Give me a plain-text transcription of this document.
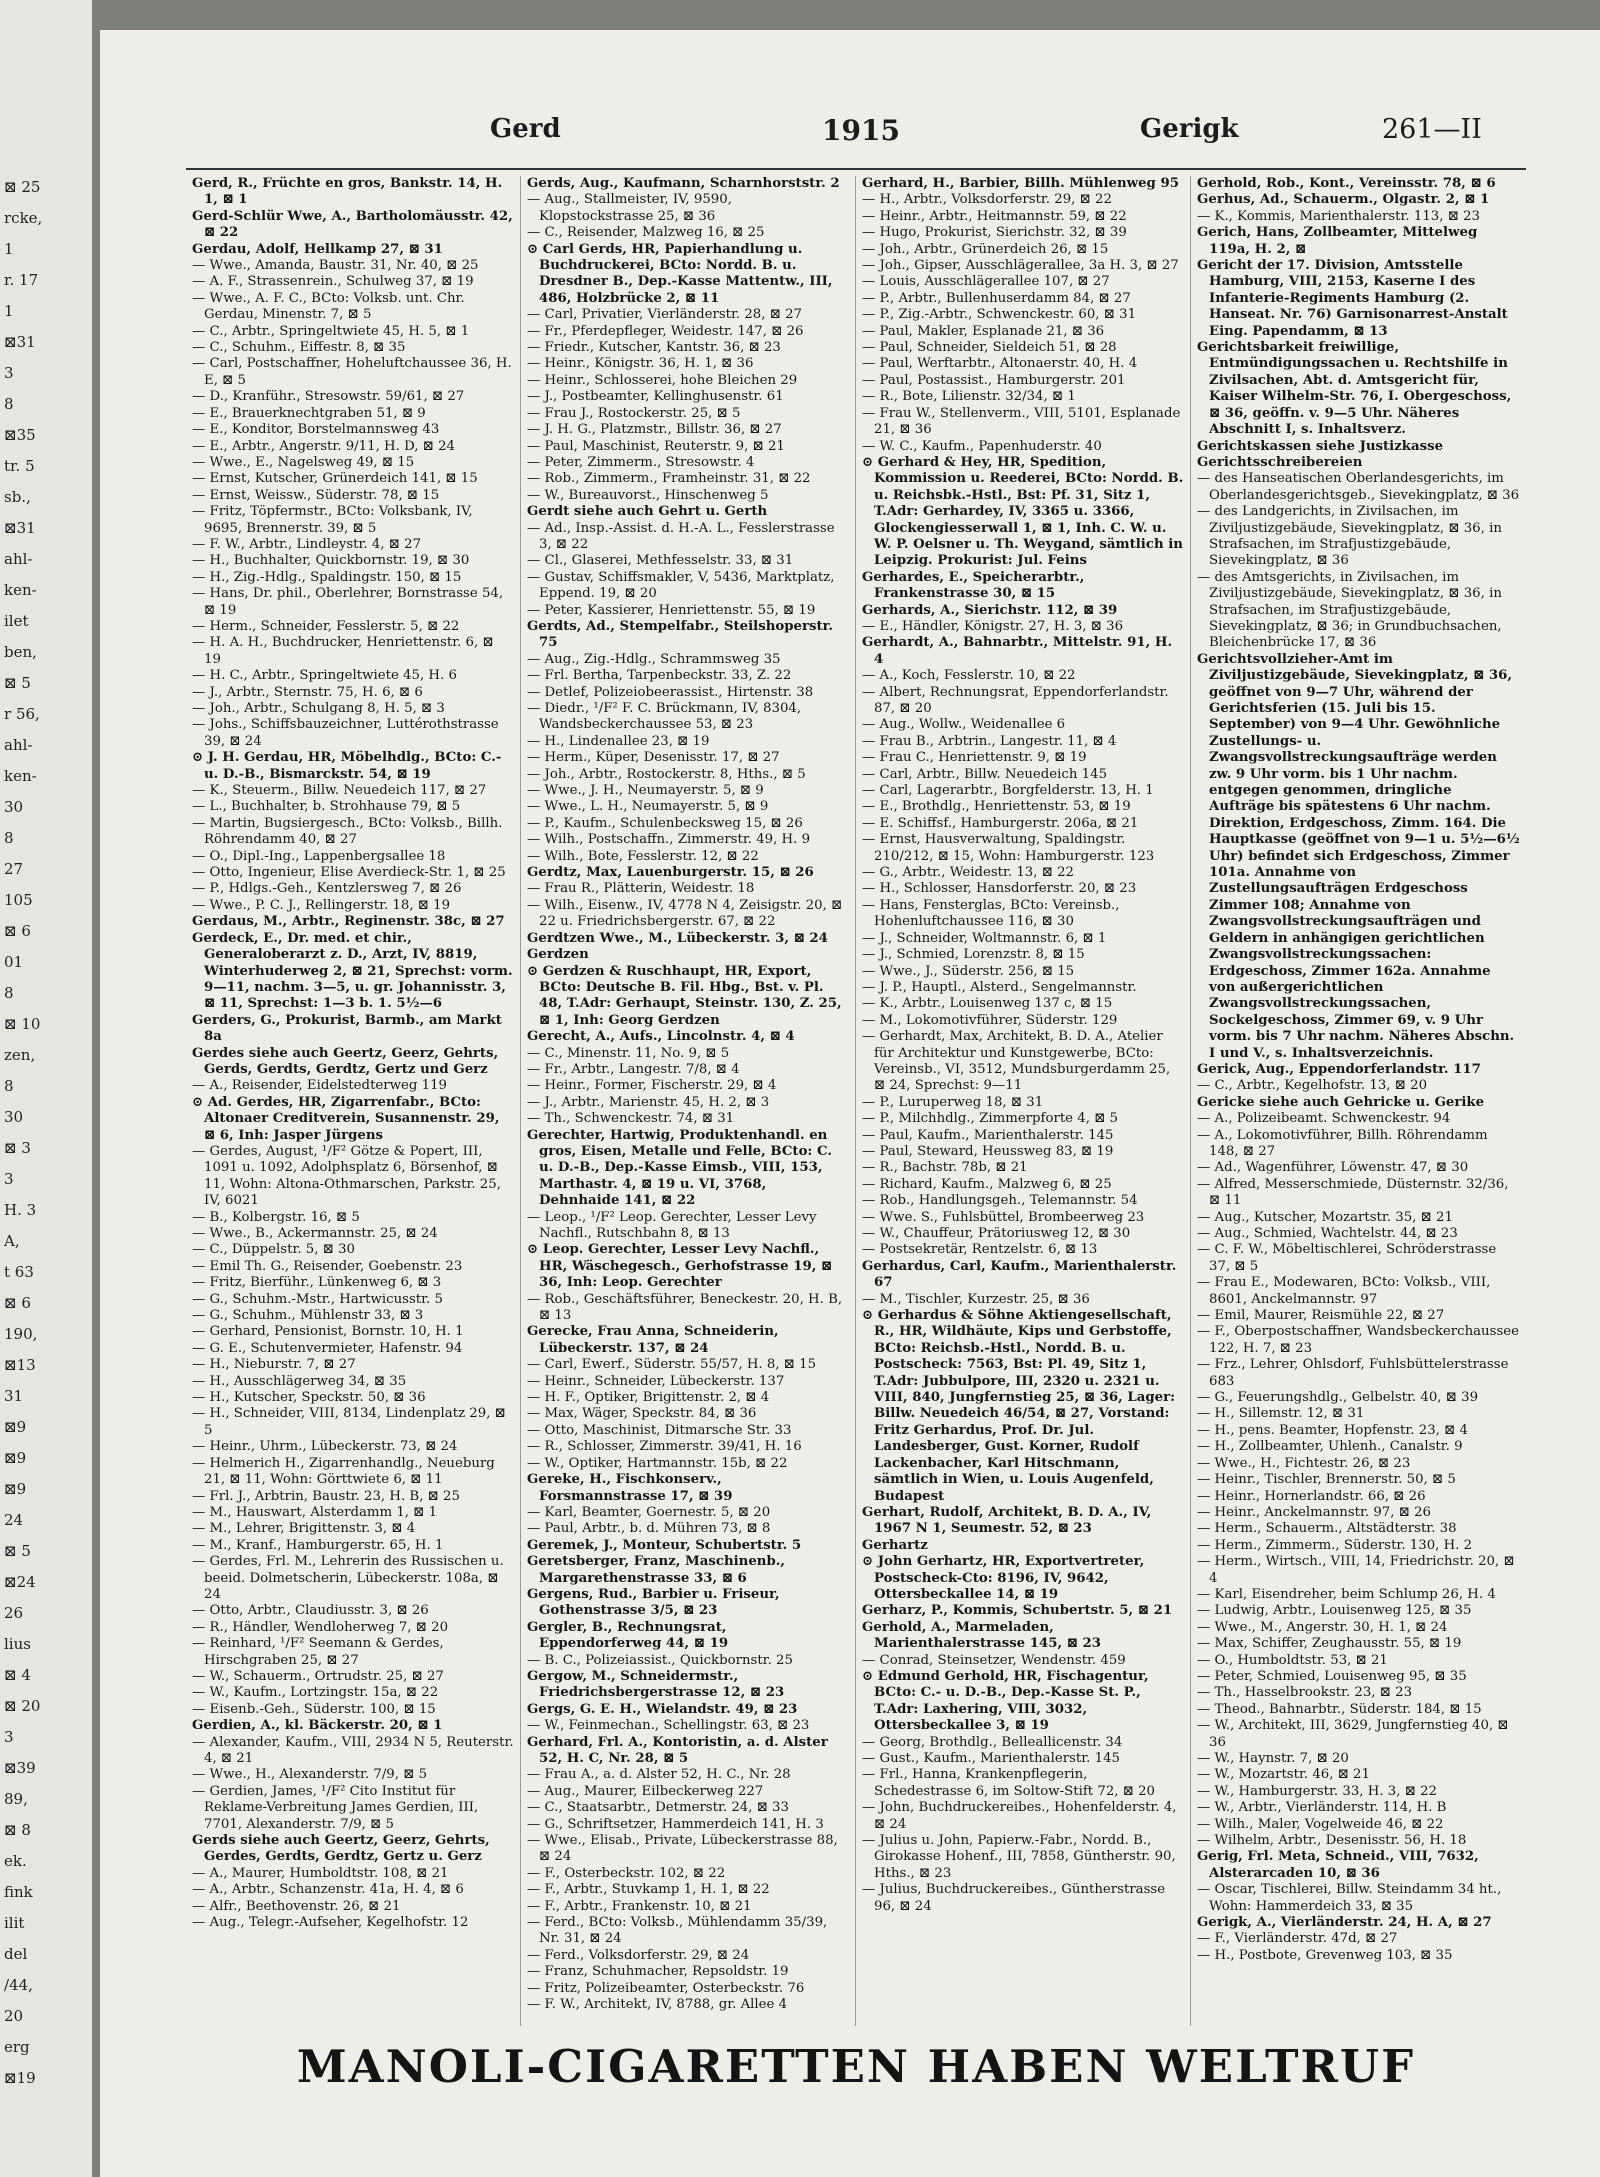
⊠ 25
rcke,
1
r. 17
1
⊠31
3
8
⊠35
tr. 5
sb.,
⊠31
ahl-
ken-
ilet
ben,
⊠ 5
r 56,
ahl-
ken-
30
8
27
105
⊠ 6
01
8
⊠ 10
zen,
8
30
⊠ 3
3
H. 3
A,
t 63
⊠ 6
190,
⊠13
31
⊠9
⊠9
⊠9
24
⊠ 5
⊠24
26
lius
⊠ 4
⊠ 20
3
⊠39
89,
⊠ 8
ek.
fink
ilit
del
/44,
20
erg
⊠19
Gerd	1915	Gerigk	261—II

Gerd, R., Früchte en gros, Bankstr. 14, H. 1, ⊠ 1

Gerd-Schlür Wwe, A., Bartholomäusstr. 42, ⊠ 22

Gerdau, Adolf, Hellkamp 27, ⊠ 31

— Wwe., Amanda, Baustr. 31, Nr. 40, ⊠ 25

— A. F., Strassenrein., Schulweg 37, ⊠ 19

— Wwe., A. F. C., BCto: Volksb. unt. Chr. Gerdau, Minenstr. 7, ⊠ 5

— C., Arbtr., Springeltwiete 45, H. 5, ⊠ 1

— C., Schuhm., Eiffestr. 8, ⊠ 35

— Carl, Postschaffner, Hoheluftchaussee 36, H. E, ⊠ 5

— D., Kranführ., Stresowstr. 59/61, ⊠ 27

— E., Brauerknechtgraben 51, ⊠ 9

— E., Konditor, Borstelmannsweg 43

— E., Arbtr., Angerstr. 9/11, H. D, ⊠ 24

— Wwe., E., Nagelsweg 49, ⊠ 15

— Ernst, Kutscher, Grünerdeich 141, ⊠ 15

— Ernst, Weissw., Süderstr. 78, ⊠ 15

— Fritz, Töpfermstr., BCto: Volksbank, IV, 9695, Brennerstr. 39, ⊠ 5

— F. W., Arbtr., Lindleystr. 4, ⊠ 27

— H., Buchhalter, Quickbornstr. 19, ⊠ 30

— H., Zig.-Hdlg., Spaldingstr. 150, ⊠ 15

— Hans, Dr. phil., Oberlehrer, Bornstrasse 54, ⊠ 19

— Herm., Schneider, Fesslerstr. 5, ⊠ 22

— H. A. H., Buchdrucker, Henriettenstr. 6, ⊠ 19

— H. C., Arbtr., Springeltwiete 45, H. 6

— J., Arbtr., Sternstr. 75, H. 6, ⊠ 6

— Joh., Arbtr., Schulgang 8, H. 5, ⊠ 3

— Johs., Schiffsbauzeichner, Luttérothstrasse 39, ⊠ 24

⊙ J. H. Gerdau, HR, Möbelhdlg., BCto: C.- u. D.-B., Bismarckstr. 54, ⊠ 19

— K., Steuerm., Billw. Neuedeich 117, ⊠ 27

— L., Buchhalter, b. Strohhause 79, ⊠ 5

— Martin, Bugsiergesch., BCto: Volksb., Billh. Röhrendamm 40, ⊠ 27

— O., Dipl.-Ing., Lappenbergsallee 18

— Otto, Ingenieur, Elise Averdieck-Str. 1, ⊠ 25

— P., Hdlgs.-Geh., Kentzlersweg 7, ⊠ 26

— Wwe., P. C. J., Rellingerstr. 18, ⊠ 19

Gerdaus, M., Arbtr., Reginenstr. 38c, ⊠ 27

Gerdeck, E., Dr. med. et chir., Generaloberarzt z. D., Arzt, IV, 8819, Winterhuderweg 2, ⊠ 21, Sprechst: vorm. 9—11, nachm. 3—5, u. gr. Johannisstr. 3, ⊠ 11, Sprechst: 1—3 b. 1. 5½—6

Gerders, G., Prokurist, Barmb., am Markt 8a

Gerdes siehe auch Geertz, Geerz, Gehrts, Gerds, Gerdts, Gerdtz, Gertz und Gerz

— A., Reisender, Eidelstedterweg 119

⊙ Ad. Gerdes, HR, Zigarrenfabr., BCto: Altonaer Creditverein, Susannenstr. 29, ⊠ 6, Inh: Jasper Jürgens

— Gerdes, August, ¹/F² Götze & Popert, III, 1091 u. 1092, Adolphsplatz 6, Börsenhof, ⊠ 11, Wohn: Altona-Othmarschen, Parkstr. 25, IV, 6021

— B., Kolbergstr. 16, ⊠ 5

— Wwe., B., Ackermannstr. 25, ⊠ 24

— C., Düppelstr. 5, ⊠ 30

— Emil Th. G., Reisender, Goebenstr. 23

— Fritz, Bierführ., Lünkenweg 6, ⊠ 3

— G., Schuhm.-Mstr., Hartwicusstr. 5

— G., Schuhm., Mühlenstr 33, ⊠ 3

— Gerhard, Pensionist, Bornstr. 10, H. 1

— G. E., Schutenvermieter, Hafenstr. 94

— H., Nieburstr. 7, ⊠ 27

— H., Ausschlägerweg 34, ⊠ 35

— H., Kutscher, Speckstr. 50, ⊠ 36

— H., Schneider, VIII, 8134, Lindenplatz 29, ⊠ 5

— Heinr., Uhrm., Lübeckerstr. 73, ⊠ 24

— Helmerich H., Zigarrenhandlg., Neueburg 21, ⊠ 11, Wohn: Görttwiete 6, ⊠ 11

— Frl. J., Arbtrin, Baustr. 23, H. B, ⊠ 25

— M., Hauswart, Alsterdamm 1, ⊠ 1

— M., Lehrer, Brigittenstr. 3, ⊠ 4

— M., Kranf., Hamburgerstr. 65, H. 1

— Gerdes, Frl. M., Lehrerin des Russischen u. beeid. Dolmetscherin, Lübeckerstr. 108a, ⊠ 24

— Otto, Arbtr., Claudiusstr. 3, ⊠ 26

— R., Händler, Wendloherweg 7, ⊠ 20

— Reinhard, ¹/F² Seemann & Gerdes, Hirschgraben 25, ⊠ 27

— W., Schauerm., Ortrudstr. 25, ⊠ 27

— W., Kaufm., Lortzingstr. 15a, ⊠ 22

— Eisenb.-Geh., Süderstr. 100, ⊠ 15

Gerdien, A., kl. Bäckerstr. 20, ⊠ 1

— Alexander, Kaufm., VIII, 2934 N 5, Reuterstr. 4, ⊠ 21

— Wwe., H., Alexanderstr. 7/9, ⊠ 5

— Gerdien, James, ¹/F² Cito Institut für Reklame-Verbreitung James Gerdien, III, 7701, Alexanderstr. 7/9, ⊠ 5

Gerds siehe auch Geertz, Geerz, Gehrts, Gerdes, Gerdts, Gerdtz, Gertz u. Gerz

— A., Maurer, Humboldtstr. 108, ⊠ 21

— A., Arbtr., Schanzenstr. 41a, H. 4, ⊠ 6

— Alfr., Beethovenstr. 26, ⊠ 21

— Aug., Telegr.-Aufseher, Kegelhofstr. 12

Gerds, Aug., Kaufmann, Scharnhorststr. 2

— Aug., Stallmeister, IV, 9590, Klopstockstrasse 25, ⊠ 36

— C., Reisender, Malzweg 16, ⊠ 25

⊙ Carl Gerds, HR, Papierhandlung u. Buchdruckerei, BCto: Nordd. B. u. Dresdner B., Dep.-Kasse Mattentw., III, 486, Holzbrücke 2, ⊠ 11

— Carl, Privatier, Vierländerstr. 28, ⊠ 27

— Fr., Pferdepfleger, Weidestr. 147, ⊠ 26

— Friedr., Kutscher, Kantstr. 36, ⊠ 23

— Heinr., Königstr. 36, H. 1, ⊠ 36

— Heinr., Schlosserei, hohe Bleichen 29

— J., Postbeamter, Kellinghusenstr. 61

— Frau J., Rostockerstr. 25, ⊠ 5

— J. H. G., Platzmstr., Billstr. 36, ⊠ 27

— Paul, Maschinist, Reuterstr. 9, ⊠ 21

— Peter, Zimmerm., Stresowstr. 4

— Rob., Zimmerm., Framheinstr. 31, ⊠ 22

— W., Bureauvorst., Hinschenweg 5

Gerdt siehe auch Gehrt u. Gerth

— Ad., Insp.-Assist. d. H.-A. L., Fesslerstrasse 3, ⊠ 22

— Cl., Glaserei, Methfesselstr. 33, ⊠ 31

— Gustav, Schiffsmakler, V, 5436, Marktplatz, Eppend. 19, ⊠ 20

— Peter, Kassierer, Henriettenstr. 55, ⊠ 19

Gerdts, Ad., Stempelfabr., Steilshoperstr. 75

— Aug., Zig.-Hdlg., Schrammsweg 35

— Frl. Bertha, Tarpenbeckstr. 33, Z. 22

— Detlef, Polizeiobeerassist., Hirtenstr. 38

— Diedr., ¹/F² F. C. Brückmann, IV, 8304, Wandsbeckerchaussee 53, ⊠ 23

— H., Lindenallee 23, ⊠ 19

— Herm., Küper, Desenisstr. 17, ⊠ 27

— Joh., Arbtr., Rostockerstr. 8, Hths., ⊠ 5

— Wwe., J. H., Neumayerstr. 5, ⊠ 9

— Wwe., L. H., Neumayerstr. 5, ⊠ 9

— P., Kaufm., Schulenbecksweg 15, ⊠ 26

— Wilh., Postschaffn., Zimmerstr. 49, H. 9

— Wilh., Bote, Fesslerstr. 12, ⊠ 22

Gerdtz, Max, Lauenburgerstr. 15, ⊠ 26

— Frau R., Plätterin, Weidestr. 18

— Wilh., Eisenw., IV, 4778 N 4, Zeisigstr. 20, ⊠ 22 u. Friedrichsbergerstr. 67, ⊠ 22

Gerdtzen Wwe., M., Lübeckerstr. 3, ⊠ 24

Gerdzen

⊙ Gerdzen & Ruschhaupt, HR, Export, BCto: Deutsche B. Fil. Hbg., Bst. v. Pl. 48, T.Adr: Gerhaupt, Steinstr. 130, Z. 25, ⊠ 1, Inh: Georg Gerdzen

Gerecht, A., Aufs., Lincolnstr. 4, ⊠ 4

— C., Minenstr. 11, No. 9, ⊠ 5

— Fr., Arbtr., Langestr. 7/8, ⊠ 4

— Heinr., Former, Fischerstr. 29, ⊠ 4

— J., Arbtr., Marienstr. 45, H. 2, ⊠ 3

— Th., Schwenckestr. 74, ⊠ 31

Gerechter, Hartwig, Produktenhandl. en gros, Eisen, Metalle und Felle, BCto: C. u. D.-B., Dep.-Kasse Eimsb., VIII, 153, Marthastr. 4, ⊠ 19 u. VI, 3768, Dehnhaide 141, ⊠ 22

— Leop., ¹/F² Leop. Gerechter, Lesser Levy Nachfl., Rutschbahn 8, ⊠ 13

⊙ Leop. Gerechter, Lesser Levy Nachfl., HR, Wäschegesch., Gerhofstrasse 19, ⊠ 36, Inh: Leop. Gerechter

— Rob., Geschäftsführer, Beneckestr. 20, H. B, ⊠ 13

Gerecke, Frau Anna, Schneiderin, Lübeckerstr. 137, ⊠ 24

— Carl, Ewerf., Süderstr. 55/57, H. 8, ⊠ 15

— Heinr., Schneider, Lübeckerstr. 137

— H. F., Optiker, Brigittenstr. 2, ⊠ 4

— Max, Wäger, Speckstr. 84, ⊠ 36

— Otto, Maschinist, Ditmarsche Str. 33

— R., Schlosser, Zimmerstr. 39/41, H. 16

— W., Optiker, Hartmannstr. 15b, ⊠ 22

Gereke, H., Fischkonserv., Forsmannstrasse 17, ⊠ 39

— Karl, Beamter, Goernestr. 5, ⊠ 20

— Paul, Arbtr., b. d. Mühren 73, ⊠ 8

Geremek, J., Monteur, Schubertstr. 5

Geretsberger, Franz, Maschinenb., Margarethenstrasse 33, ⊠ 6

Gergens, Rud., Barbier u. Friseur, Gothenstrasse 3/5, ⊠ 23

Gergler, B., Rechnungsrat, Eppendorferweg 44, ⊠ 19

— B. C., Polizeiassist., Quickbornstr. 25

Gergow, M., Schneidermstr., Friedrichsbergerstrasse 12, ⊠ 23

Gergs, G. E. H., Wielandstr. 49, ⊠ 23

— W., Feinmechan., Schellingstr. 63, ⊠ 23

Gerhard, Frl. A., Kontoristin, a. d. Alster 52, H. C, Nr. 28, ⊠ 5

— Frau A., a. d. Alster 52, H. C., Nr. 28

— Aug., Maurer, Eilbeckerweg 227

— C., Staatsarbtr., Detmerstr. 24, ⊠ 33

— G., Schriftsetzer, Hammerdeich 141, H. 3

— Wwe., Elisab., Private, Lübeckerstrasse 88, ⊠ 24

— F., Osterbeckstr. 102, ⊠ 22

— F., Arbtr., Stuvkamp 1, H. 1, ⊠ 22

— F., Arbtr., Frankenstr. 10, ⊠ 21

— Ferd., BCto: Volksb., Mühlendamm 35/39, Nr. 31, ⊠ 24

— Ferd., Volksdorferstr. 29, ⊠ 24

— Franz, Schuhmacher, Repsoldstr. 19

— Fritz, Polizeibeamter, Osterbeckstr. 76

— F. W., Architekt, IV, 8788, gr. Allee 4

Gerhard, H., Barbier, Billh. Mühlenweg 95

— H., Arbtr., Volksdorferstr. 29, ⊠ 22

— Heinr., Arbtr., Heitmannstr. 59, ⊠ 22

— Hugo, Prokurist, Sierichstr. 32, ⊠ 39

— Joh., Arbtr., Grünerdeich 26, ⊠ 15

— Joh., Gipser, Ausschlägerallee, 3a H. 3, ⊠ 27

— Louis, Ausschlägerallee 107, ⊠ 27

— P., Arbtr., Bullenhuserdamm 84, ⊠ 27

— P., Zig.-Arbtr., Schwenckestr. 60, ⊠ 31

— Paul, Makler, Esplanade 21, ⊠ 36

— Paul, Schneider, Sieldeich 51, ⊠ 28

— Paul, Werftarbtr., Altonaerstr. 40, H. 4

— Paul, Postassist., Hamburgerstr. 201

— R., Bote, Lilienstr. 32/34, ⊠ 1

— Frau W., Stellenverm., VIII, 5101, Esplanade 21, ⊠ 36

— W. C., Kaufm., Papenhuderstr. 40

⊙ Gerhard & Hey, HR, Spedition, Kommission u. Reederei, BCto: Nordd. B. u. Reichsbk.-Hstl., Bst: Pf. 31, Sitz 1, T.Adr: Gerhardey, IV, 3365 u. 3366, Glockengiesserwall 1, ⊠ 1, Inh. C. W. u. W. P. Oelsner u. Th. Weygand, sämtlich in Leipzig. Prokurist: Jul. Feins

Gerhardes, E., Speicherarbtr., Frankenstrasse 30, ⊠ 15

Gerhards, A., Sierichstr. 112, ⊠ 39

— E., Händler, Königstr. 27, H. 3, ⊠ 36

Gerhardt, A., Bahnarbtr., Mittelstr. 91, H. 4

— A., Koch, Fesslerstr. 10, ⊠ 22

— Albert, Rechnungsrat, Eppendorferlandstr. 87, ⊠ 20

— Aug., Wollw., Weidenallee 6

— Frau B., Arbtrin., Langestr. 11, ⊠ 4

— Frau C., Henriettenstr. 9, ⊠ 19

— Carl, Arbtr., Billw. Neuedeich 145

— Carl, Lagerarbtr., Borgfelderstr. 13, H. 1

— E., Brothdlg., Henriettenstr. 53, ⊠ 19

— E. Schiffsf., Hamburgerstr. 206a, ⊠ 21

— Ernst, Hausverwaltung, Spaldingstr. 210/212, ⊠ 15, Wohn: Hamburgerstr. 123

— G., Arbtr., Weidestr. 13, ⊠ 22

— H., Schlosser, Hansdorferstr. 20, ⊠ 23

— Hans, Fensterglas, BCto: Vereinsb., Hohenluftchaussee 116, ⊠ 30

— J., Schneider, Woltmannstr. 6, ⊠ 1

— J., Schmied, Lorenzstr. 8, ⊠ 15

— Wwe., J., Süderstr. 256, ⊠ 15

— J. P., Hauptl., Alsterd., Sengelmannstr.

— K., Arbtr., Louisenweg 137 c, ⊠ 15

— M., Lokomotivführer, Süderstr. 129

— Gerhardt, Max, Architekt, B. D. A., Atelier für Architektur und Kunstgewerbe, BCto: Vereinsb., VI, 3512, Mundsburgerdamm 25, ⊠ 24, Sprechst: 9—11

— P., Luruperweg 18, ⊠ 31

— P., Milchhdlg., Zimmerpforte 4, ⊠ 5

— Paul, Kaufm., Marienthalerstr. 145

— Paul, Steward, Heussweg 83, ⊠ 19

— R., Bachstr. 78b, ⊠ 21

— Richard, Kaufm., Malzweg 6, ⊠ 25

— Rob., Handlungsgeh., Telemannstr. 54

— Wwe. S., Fuhlsbüttel, Brombeerweg 23

— W., Chauffeur, Prätoriusweg 12, ⊠ 30

— Postsekretär, Rentzelstr. 6, ⊠ 13

Gerhardus, Carl, Kaufm., Marienthalerstr. 67

— M., Tischler, Kurzestr. 25, ⊠ 36

⊙ Gerhardus & Söhne Aktiengesellschaft, R., HR, Wildhäute, Kips und Gerbstoffe, BCto: Reichsb.-Hstl., Nordd. B. u. Postscheck: 7563, Bst: Pl. 49, Sitz 1, T.Adr: Jubbulpore, III, 2320 u. 2321 u. VIII, 840, Jungfernstieg 25, ⊠ 36, Lager: Billw. Neuedeich 46/54, ⊠ 27, Vorstand: Fritz Gerhardus, Prof. Dr. Jul. Landesberger, Gust. Korner, Rudolf Lackenbacher, Karl Hitschmann, sämtlich in Wien, u. Louis Augenfeld, Budapest

Gerhart, Rudolf, Architekt, B. D. A., IV, 1967 N 1, Seumestr. 52, ⊠ 23

Gerhartz

⊙ John Gerhartz, HR, Exportvertreter, Postscheck-Cto: 8196, IV, 9642, Ottersbeckallee 14, ⊠ 19

Gerharz, P., Kommis, Schubertstr. 5, ⊠ 21

Gerhold, A., Marmeladen, Marienthalerstrasse 145, ⊠ 23

— Conrad, Steinsetzer, Wendenstr. 459

⊙ Edmund Gerhold, HR, Fischagentur, BCto: C.- u. D.-B., Dep.-Kasse St. P., T.Adr: Laxhering, VIII, 3032, Ottersbeckallee 3, ⊠ 19

— Georg, Brothdlg., Belleallicenstr. 34

— Gust., Kaufm., Marienthalerstr. 145

— Frl., Hanna, Krankenpflegerin, Schedestrasse 6, im Soltow-Stift 72, ⊠ 20

— John, Buchdruckereibes., Hohenfelderstr. 4, ⊠ 24

— Julius u. John, Papierw.-Fabr., Nordd. B., Girokasse Hohenf., III, 7858, Güntherstr. 90, Hths., ⊠ 23

— Julius, Buchdruckereibes., Güntherstrasse 96, ⊠ 24

Gerhold, Rob., Kont., Vereinsstr. 78, ⊠ 6

Gerhus, Ad., Schauerm., Olgastr. 2, ⊠ 1

— K., Kommis, Marienthalerstr. 113, ⊠ 23

Gerich, Hans, Zollbeamter, Mittelweg 119a, H. 2, ⊠

Gericht der 17. Division, Amtsstelle Hamburg, VIII, 2153, Kaserne I des Infanterie-Regiments Hamburg (2. Hanseat. Nr. 76) Garnisonarrest-Anstalt Eing. Papendamm, ⊠ 13

Gerichtsbarkeit freiwillige, Entmündigungssachen u. Rechtshilfe in Zivilsachen, Abt. d. Amtsgericht für, Kaiser Wilhelm-Str. 76, I. Obergeschoss, ⊠ 36, geöffn. v. 9—5 Uhr. Näheres Abschnitt I, s. Inhaltsverz.

Gerichtskassen siehe Justizkasse

Gerichtsschreibereien

— des Hanseatischen Oberlandesgerichts, im Oberlandesgerichtsgeb., Sievekingplatz, ⊠ 36

— des Landgerichts, in Zivilsachen, im Ziviljustizgebäude, Sievekingplatz, ⊠ 36, in Strafsachen, im Strafjustizgebäude, Sievekingplatz, ⊠ 36

— des Amtsgerichts, in Zivilsachen, im Ziviljustizgebäude, Sievekingplatz, ⊠ 36, in Strafsachen, im Strafjustizgebäude, Sievekingplatz, ⊠ 36; in Grundbuchsachen, Bleichenbrücke 17, ⊠ 36

Gerichtsvollzieher-Amt im Ziviljustizgebäude, Sievekingplatz, ⊠ 36, geöffnet von 9—7 Uhr, während der Gerichtsferien (15. Juli bis 15. September) von 9—4 Uhr. Gewöhnliche Zustellungs- u. Zwangsvollstreckungsaufträge werden zw. 9 Uhr vorm. bis 1 Uhr nachm. entgegen genommen, dringliche Aufträge bis spätestens 6 Uhr nachm. Direktion, Erdgeschoss, Zimm. 164. Die Hauptkasse (geöffnet von 9—1 u. 5½—6½ Uhr) befindet sich Erdgeschoss, Zimmer 101a. Annahme von Zustellungsaufträgen Erdgeschoss Zimmer 108; Annahme von Zwangsvollstreckungsaufträgen und Geldern in anhängigen gerichtlichen Zwangsvollstreckungssachen: Erdgeschoss, Zimmer 162a. Annahme von außergerichtlichen Zwangsvollstreckungssachen, Sockelgeschoss, Zimmer 69, v. 9 Uhr vorm. bis 7 Uhr nachm. Näheres Abschn. I und V., s. Inhaltsverzeichnis.

Gerick, Aug., Eppendorferlandstr. 117

— C., Arbtr., Kegelhofstr. 13, ⊠ 20

Gericke siehe auch Gehricke u. Gerike

— A., Polizeibeamt. Schwenckestr. 94

— A., Lokomotivführer, Billh. Röhrendamm 148, ⊠ 27

— Ad., Wagenführer, Löwenstr. 47, ⊠ 30

— Alfred, Messerschmiede, Düsternstr. 32/36, ⊠ 11

— Aug., Kutscher, Mozartstr. 35, ⊠ 21

— Aug., Schmied, Wachtelstr. 44, ⊠ 23

— C. F. W., Möbeltischlerei, Schröderstrasse 37, ⊠ 5

— Frau E., Modewaren, BCto: Volksb., VIII, 8601, Anckelmannstr. 97

— Emil, Maurer, Reismühle 22, ⊠ 27

— F., Oberpostschaffner, Wandsbeckerchaussee 122, H. 7, ⊠ 23

— Frz., Lehrer, Ohlsdorf, Fuhlsbüttelerstrasse 683

— G., Feuerungshdlg., Gelbelstr. 40, ⊠ 39

— H., Sillemstr. 12, ⊠ 31

— H., pens. Beamter, Hopfenstr. 23, ⊠ 4

— H., Zollbeamter, Uhlenh., Canalstr. 9

— Wwe., H., Fichtestr. 26, ⊠ 23

— Heinr., Tischler, Brennerstr. 50, ⊠ 5

— Heinr., Hornerlandstr. 66, ⊠ 26

— Heinr., Anckelmannstr. 97, ⊠ 26

— Herm., Schauerm., Altstädterstr. 38

— Herm., Zimmerm., Süderstr. 130, H. 2

— Herm., Wirtsch., VIII, 14, Friedrichstr. 20, ⊠ 4

— Karl, Eisendreher, beim Schlump 26, H. 4

— Ludwig, Arbtr., Louisenweg 125, ⊠ 35

— Wwe., M., Angerstr. 30, H. 1, ⊠ 24

— Max, Schiffer, Zeughausstr. 55, ⊠ 19

— O., Humboldtstr. 53, ⊠ 21

— Peter, Schmied, Louisenweg 95, ⊠ 35

— Th., Hasselbrookstr. 23, ⊠ 23

— Theod., Bahnarbtr., Süderstr. 184, ⊠ 15

— W., Architekt, III, 3629, Jungfernstieg 40, ⊠ 36

— W., Haynstr. 7, ⊠ 20

— W., Mozartstr. 46, ⊠ 21

— W., Hamburgerstr. 33, H. 3, ⊠ 22

— W., Arbtr., Vierländerstr. 114, H. B

— Wilh., Maler, Vogelweide 46, ⊠ 22

— Wilhelm, Arbtr., Desenisstr. 56, H. 18

Gerig, Frl. Meta, Schneid., VIII, 7632, Alsterarcaden 10, ⊠ 36

— Oscar, Tischlerei, Billw. Steindamm 34 ht., Wohn: Hammerdeich 33, ⊠ 35

Gerigk, A., Vierländerstr. 24, H. A, ⊠ 27

— F., Vierländerstr. 47d, ⊠ 27

— H., Postbote, Grevenweg 103, ⊠ 35

MANOLI-CIGARETTEN HABEN WELTRUF
